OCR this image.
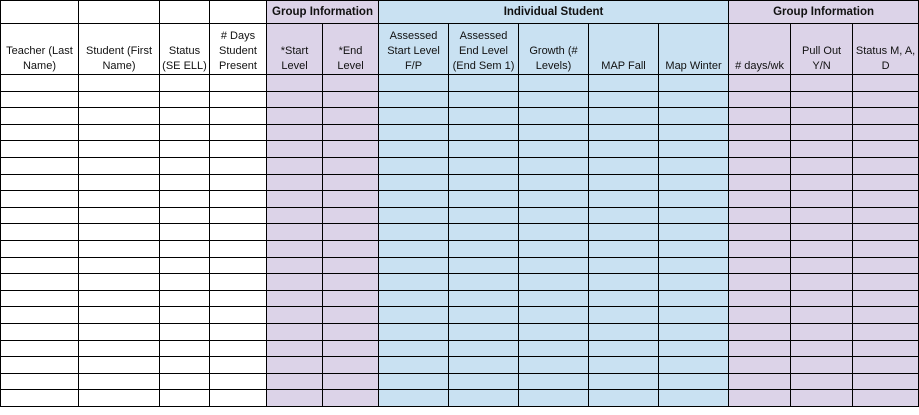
				Group Information		Individual Student					Group Information		
Teacher (Last Name)	Student (First Name)	Status (SE ELL)	# Days Student Present	*Start Level	*End Level	Assessed Start Level F/P	Assessed End Level (End Sem 1)	Growth (# Levels)	MAP Fall	Map Winter	# days/wk	Pull Out Y/N	Status M, A, D
